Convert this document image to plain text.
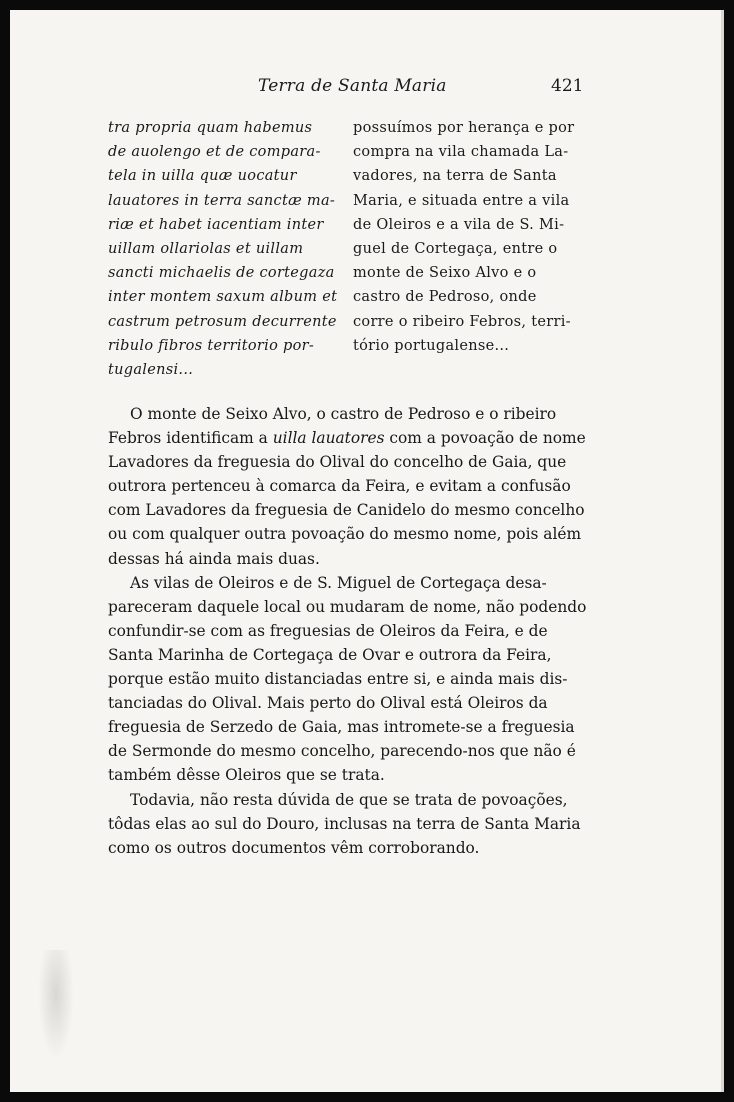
Terra de Santa Maria	421
tra propria quam habemus
de auolengo et de compara-
tela in uilla quæ uocatur
lauatores in terra sanctæ ma-
riæ et habet iacentiam inter
uillam ollariolas et uillam
sancti michaelis de cortegaza
inter montem saxum album et
castrum petrosum decurrente
ribulo fibros territorio por-
tugalensi...
possuímos por herança e por
compra na vila chamada La-
vadores, na terra de Santa
Maria, e situada entre a vila
de Oleiros e a vila de S. Mi-
guel de Cortegaça, entre o
monte de Seixo Alvo e o
castro de Pedroso, onde
corre o ribeiro Febros, terri-
tório portugalense...
O monte de Seixo Alvo, o castro de Pedroso e o ribeiro
Febros identificam a uilla lauatores com a povoação de nome
Lavadores da freguesia do Olival do concelho de Gaia, que
outrora pertenceu à comarca da Feira, e evitam a confusão
com Lavadores da freguesia de Canidelo do mesmo concelho
ou com qualquer outra povoação do mesmo nome, pois além
dessas há ainda mais duas.
As vilas de Oleiros e de S. Miguel de Cortegaça desa-
pareceram daquele local ou mudaram de nome, não podendo
confundir-se com as freguesias de Oleiros da Feira, e de
Santa Marinha de Cortegaça de Ovar e outrora da Feira,
porque estão muito distanciadas entre si, e ainda mais dis-
tanciadas do Olival. Mais perto do Olival está Oleiros da
freguesia de Serzedo de Gaia, mas intromete-se a freguesia
de Sermonde do mesmo concelho, parecendo-nos que não é
também dêsse Oleiros que se trata.
Todavia, não resta dúvida de que se trata de povoações,
tôdas elas ao sul do Douro, inclusas na terra de Santa Maria
como os outros documentos vêm corroborando.
